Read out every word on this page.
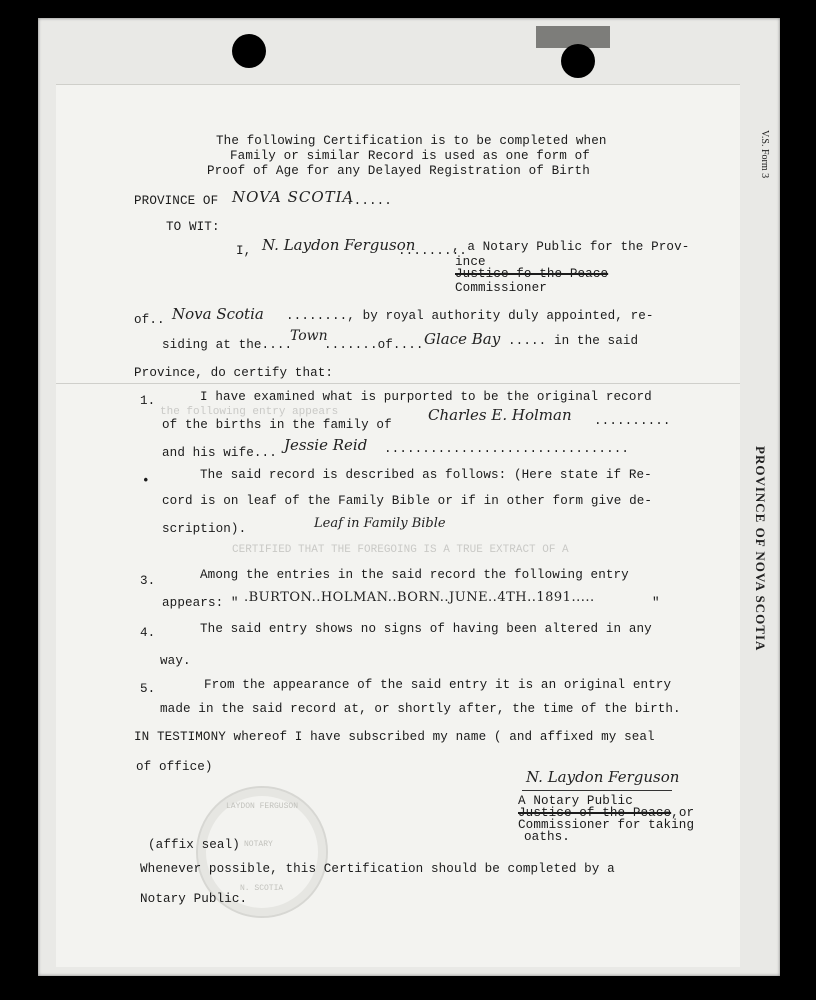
V.S. Form 3
PROVINCE OF NOVA SCOTIA
the following entry appears
CERTIFIED THAT THE FOREGOING IS A TRUE EXTRACT OF A
The following Certification is to be completed when
Family or similar Record is used as one form of
Proof of Age for any Delayed Registration of Birth
PROVINCE OF NOVA SCOTIA
......
TO WIT:
I, N. Laydon Ferguson
.........
, a Notary Public for the Prov-
ince
Justice fo the Peace
Commissioner
of.. Nova Scotia ........, by royal authority duly appointed, re-
siding at the....
Town
.......of.... Glace Bay ..... in the said
Province, do certify that:
1.	I have examined what is purported to be the original record
of the births in the family of
Charles E. Holman ..........
and his wife... Jessie Reid ................................
•	The said record is described as follows: (Here state if Re-
cord is on leaf of the Family Bible or if in other form give de-
scription).	Leaf in Family Bible
3.	Among the entries in the said record the following entry
appears: " .BURTON..HOLMAN..BORN..JUNE..4TH..1891.....	"
4.	The said entry shows no signs of having been altered in any
way.
5.	From the appearance of the said entry it is an original entry
made in the said record at, or shortly after, the time of the birth.
IN TESTIMONY whereof I have subscribed my name ( and affixed my seal
of office)
N. Laydon Ferguson
A Notary Public
Justice of the Peace,or
Commissioner for taking
oaths.
LAYDON FERGUSON
NOTARY
N. SCOTIA
(affix seal)
Whenever possible, this Certification should be completed by a
Notary Public.
